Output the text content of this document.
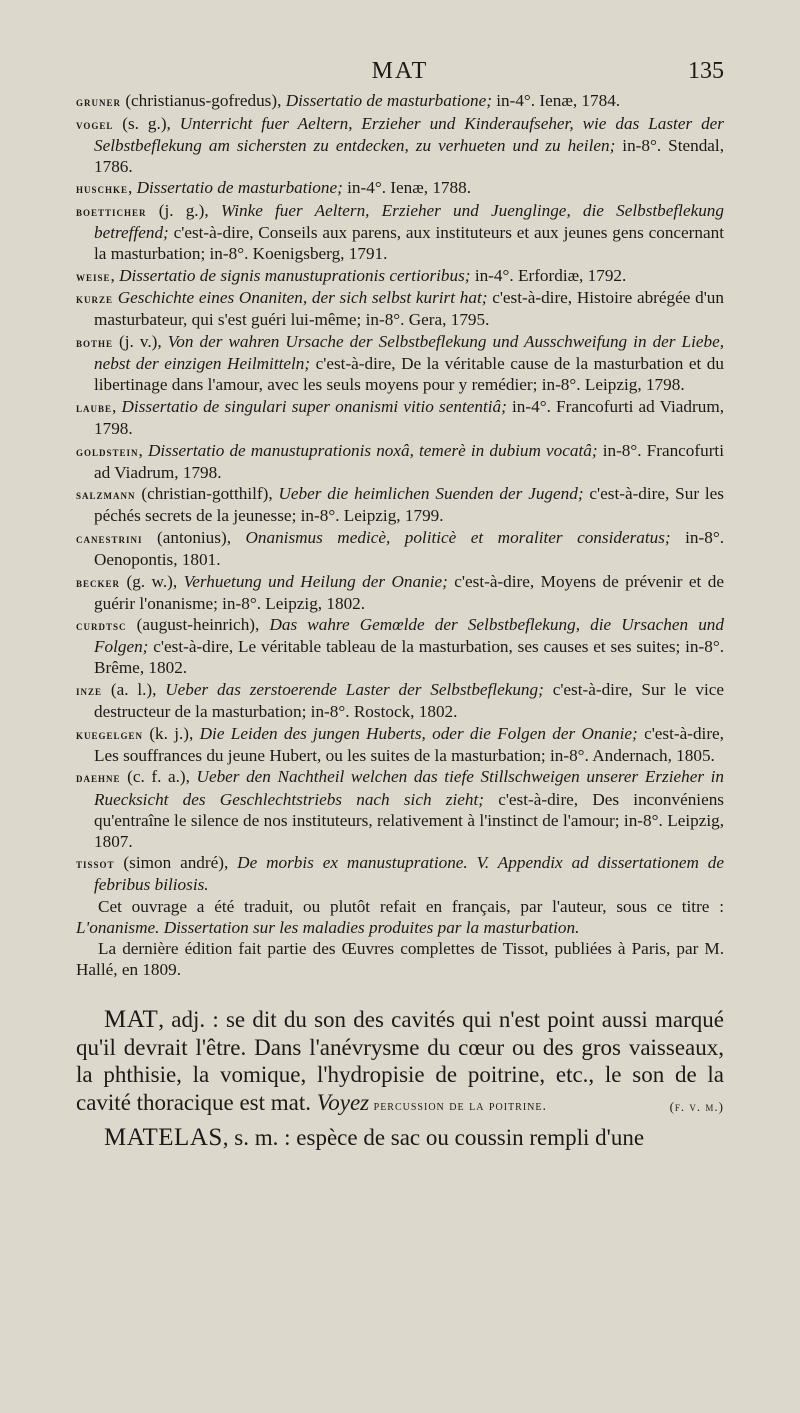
MAT	135

gruner (christianus-gofredus), Dissertatio de masturbatione; in-4°. Ienæ, 1784.

vogel (s. g.), Unterricht fuer Aeltern, Erzieher und Kinderaufseher, wie das Laster der Selbstbeflekung am sichersten zu entdecken, zu verhueten und zu heilen; in-8°. Stendal, 1786.

huschke, Dissertatio de masturbatione; in-4°. Ienæ, 1788.

boetticher (j. g.), Winke fuer Aeltern, Erzieher und Juenglinge, die Selbstbeflekung betreffend; c'est-à-dire, Conseils aux parens, aux instituteurs et aux jeunes gens concernant la masturbation; in-8°. Koenigsberg, 1791.

weise, Dissertatio de signis manustuprationis certioribus; in-4°. Erfordiæ, 1792.

kurze Geschichte eines Onaniten, der sich selbst kurirt hat; c'est-à-dire, Histoire abrégée d'un masturbateur, qui s'est guéri lui-même; in-8°. Gera, 1795.

bothe (j. v.), Von der wahren Ursache der Selbstbeflekung und Ausschweifung in der Liebe, nebst der einzigen Heilmitteln; c'est-à-dire, De la véritable cause de la masturbation et du libertinage dans l'amour, avec les seuls moyens pour y remédier; in-8°. Leipzig, 1798.

laube, Dissertatio de singulari super onanismi vitio sententiâ; in-4°. Francofurti ad Viadrum, 1798.

goldstein, Dissertatio de manustuprationis noxâ, temerè in dubium vocatâ; in-8°. Francofurti ad Viadrum, 1798.

salzmann (christian-gotthilf), Ueber die heimlichen Suenden der Jugend; c'est-à-dire, Sur les péchés secrets de la jeunesse; in-8°. Leipzig, 1799.

canestrini (antonius), Onanismus medicè, politicè et moraliter consideratus; in-8°. Oenopontis, 1801.

becker (g. w.), Verhuetung und Heilung der Onanie; c'est-à-dire, Moyens de prévenir et de guérir l'onanisme; in-8°. Leipzig, 1802.

curdtsc (august-heinrich), Das wahre Gemœlde der Selbstbeflekung, die Ursachen und Folgen; c'est-à-dire, Le véritable tableau de la masturbation, ses causes et ses suites; in-8°. Brême, 1802.

inze (a. l.), Ueber das zerstoerende Laster der Selbstbeflekung; c'est-à-dire, Sur le vice destructeur de la masturbation; in-8°. Rostock, 1802.

kuegelgen (k. j.), Die Leiden des jungen Huberts, oder die Folgen der Onanie; c'est-à-dire, Les souffrances du jeune Hubert, ou les suites de la masturbation; in-8°. Andernach, 1805.

daehne (c. f. a.), Ueber den Nachtheil welchen das tiefe Stillschweigen unserer Erzieher in Ruecksicht des Geschlechtstriebs nach sich zieht; c'est-à-dire, Des inconvéniens qu'entraîne le silence de nos instituteurs, relativement à l'instinct de l'amour; in-8°. Leipzig, 1807.

tissot (simon andré), De morbis ex manustupratione. V. Appendix ad dissertationem de febribus biliosis.

Cet ouvrage a été traduit, ou plutôt refait en français, par l'auteur, sous ce titre : L'onanisme. Dissertation sur les maladies produites par la masturbation.

La dernière édition fait partie des Œuvres complettes de Tissot, publiées à Paris, par M. Hallé, en 1809.

MAT, adj. : se dit du son des cavités qui n'est point aussi marqué qu'il devrait l'être. Dans l'anévrysme du cœur ou des gros vaisseaux, la phthisie, la vomique, l'hydropisie de poitrine, etc., le son de la cavité thoracique est mat. Voyez percussion de la poitrine.	(f. v. m.)

MATELAS, s. m. : espèce de sac ou coussin rempli d'une
